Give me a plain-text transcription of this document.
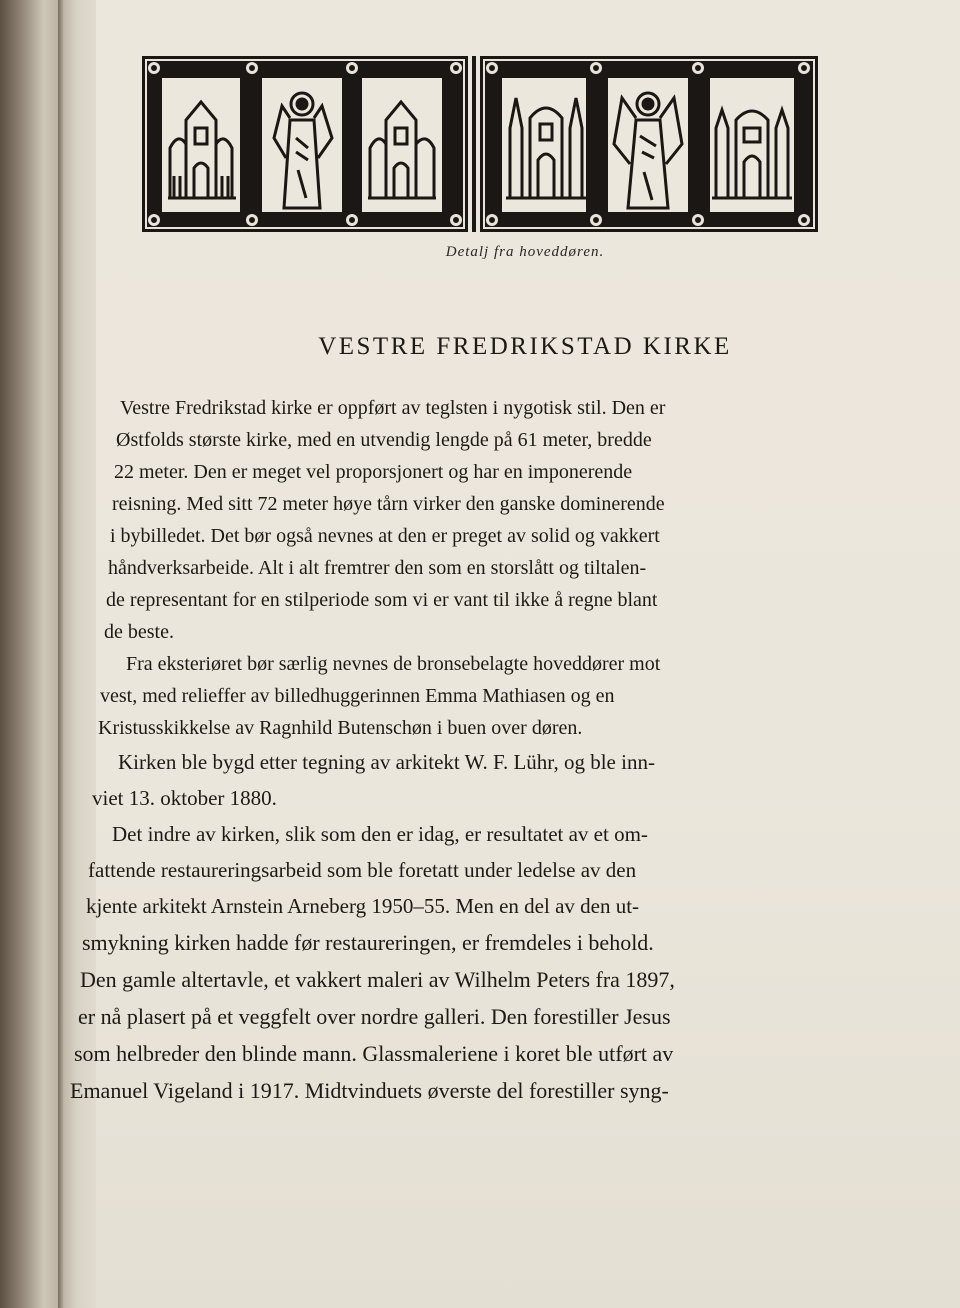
Detalj fra hoveddøren.
VESTRE FREDRIKSTAD KIRKE
Vestre Fredrikstad kirke er oppført av teglsten i nygotisk stil. Den er
Østfolds største kirke, med en utvendig lengde på 61 meter, bredde
22 meter. Den er meget vel proporsjonert og har en imponerende
reisning. Med sitt 72 meter høye tårn virker den ganske dominerende
i bybilledet. Det bør også nevnes at den er preget av solid og vakkert
håndverksarbeide. Alt i alt fremtrer den som en storslått og tiltalen-
de representant for en stilperiode som vi er vant til ikke å regne blant
de beste.
Fra eksteriøret bør særlig nevnes de bronsebelagte hoveddører mot
vest, med relieffer av billedhuggerinnen Emma Mathiasen og en
Kristusskikkelse av Ragnhild Butenschøn i buen over døren.
Kirken ble bygd etter tegning av arkitekt W. F. Lühr, og ble inn-
viet 13. oktober 1880.
Det indre av kirken, slik som den er idag, er resultatet av et om-
fattende restaureringsarbeid som ble foretatt under ledelse av den
kjente arkitekt Arnstein Arneberg 1950–55. Men en del av den ut-
smykning kirken hadde før restaureringen, er fremdeles i behold.
Den gamle altertavle, et vakkert maleri av Wilhelm Peters fra 1897,
er nå plasert på et veggfelt over nordre galleri. Den forestiller Jesus
som helbreder den blinde mann. Glassmaleriene i koret ble utført av
Emanuel Vigeland i 1917. Midtvinduets øverste del forestiller syng-
